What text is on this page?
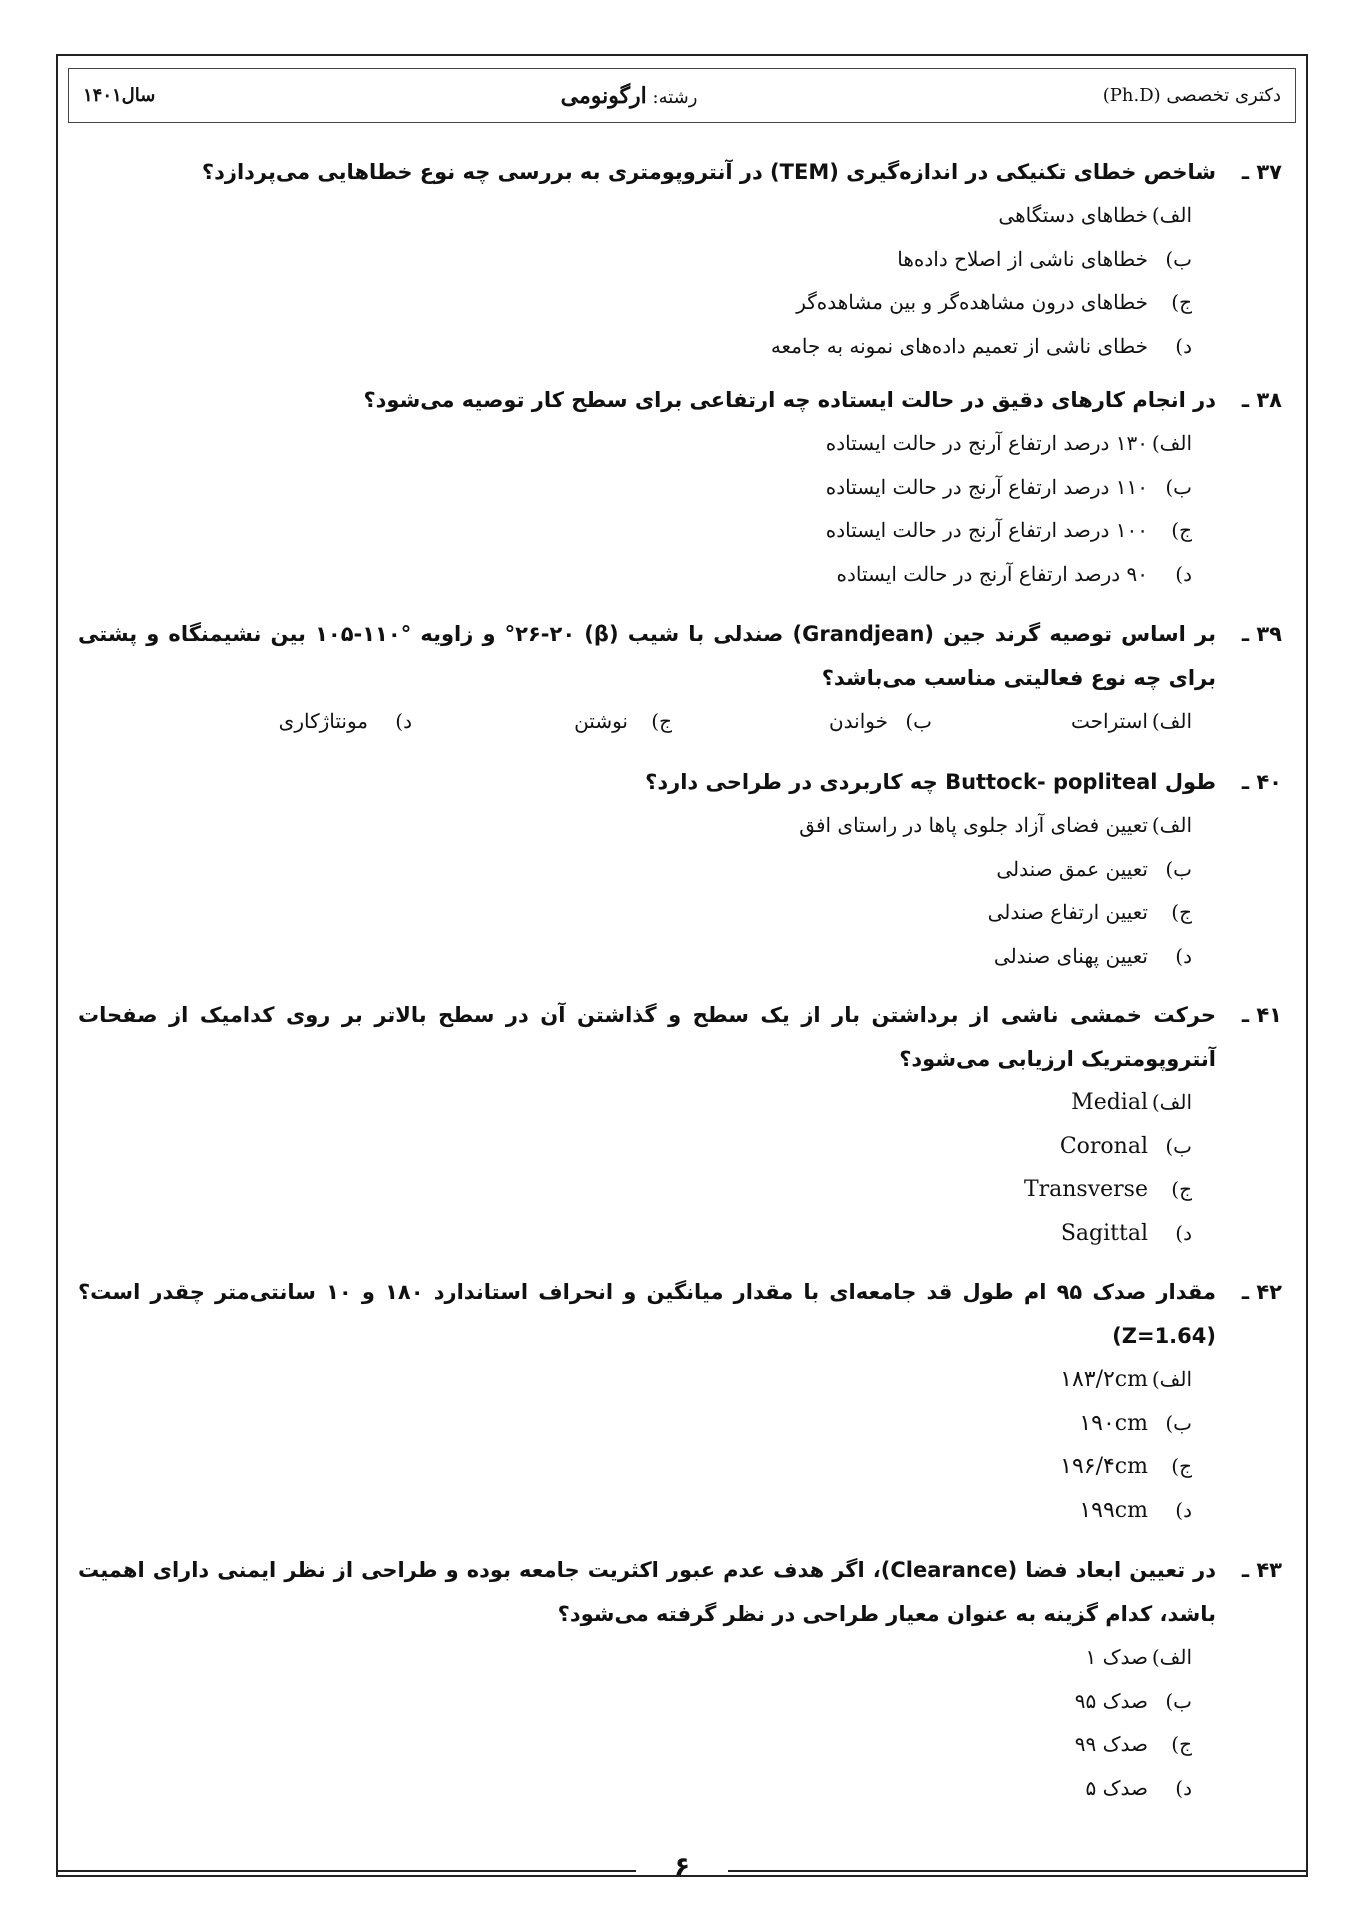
سال۱۴۰۱	رشته: ارگونومی	دکتری تخصصی (Ph.D)
۳۷ ـ
شاخص خطای تکنیکی در اندازه‌گیری (TEM) در آنتروپومتری به بررسی چه نوع خطاهایی می‌پردازد؟
الف)
خطاهای دستگاهی
ب)
خطاهای ناشی از اصلاح داده‌ها
ج)
خطاهای درون مشاهده‌گر و بین مشاهده‌گر
د)
خطای ناشی از تعمیم داده‌های نمونه به جامعه
۳۸ ـ
در انجام کارهای دقیق در حالت ایستاده چه ارتفاعی برای سطح کار توصیه می‌شود؟
الف)
۱۳۰ درصد ارتفاع آرنج در حالت ایستاده
ب)
۱۱۰ درصد ارتفاع آرنج در حالت ایستاده
ج)
۱۰۰ درصد ارتفاع آرنج در حالت ایستاده
د)
۹۰ درصد ارتفاع آرنج در حالت ایستاده
۳۹ ـ
بر اساس توصیه گرند جین (Grandjean) صندلی با شیب (β) °۲۶-۲۰ و زاویه °۱۱۰-۱۰۵ بین نشیمنگاه و پشتی برای چه نوع فعالیتی مناسب می‌باشد؟
الف)
استراحت
ب)
خواندن
ج)
نوشتن
د)
مونتاژکاری
۴۰ ـ
طول Buttock- popliteal چه کاربردی در طراحی دارد؟
الف)
تعیین فضای آزاد جلوی پاها در راستای افق
ب)
تعیین عمق صندلی
ج)
تعیین ارتفاع صندلی
د)
تعیین پهنای صندلی
۴۱ ـ
حرکت خمشی ناشی از برداشتن بار از یک سطح و گذاشتن آن در سطح بالاتر بر روی کدامیک از صفحات آنتروپومتریک ارزیابی می‌شود؟
الف)
Medial
ب)
Coronal
ج)
Transverse
د)
Sagittal
۴۲ ـ
مقدار صدک ۹۵ ام طول قد جامعه‌ای با مقدار میانگین و انحراف استاندارد ۱۸۰ و ۱۰ سانتی‌متر چقدر است؟ (Z=1.64)
الف)
۱۸۳/۲cm
ب)
۱۹۰cm
ج)
۱۹۶/۴cm
د)
۱۹۹cm
۴۳ ـ
در تعیین ابعاد فضا (Clearance)، اگر هدف عدم عبور اکثریت جامعه بوده و طراحی از نظر ایمنی دارای اهمیت باشد، کدام گزینه به عنوان معیار طراحی در نظر گرفته می‌شود؟
الف)
صدک ۱
ب)
صدک ۹۵
ج)
صدک ۹۹
د)
صدک ۵
۶
